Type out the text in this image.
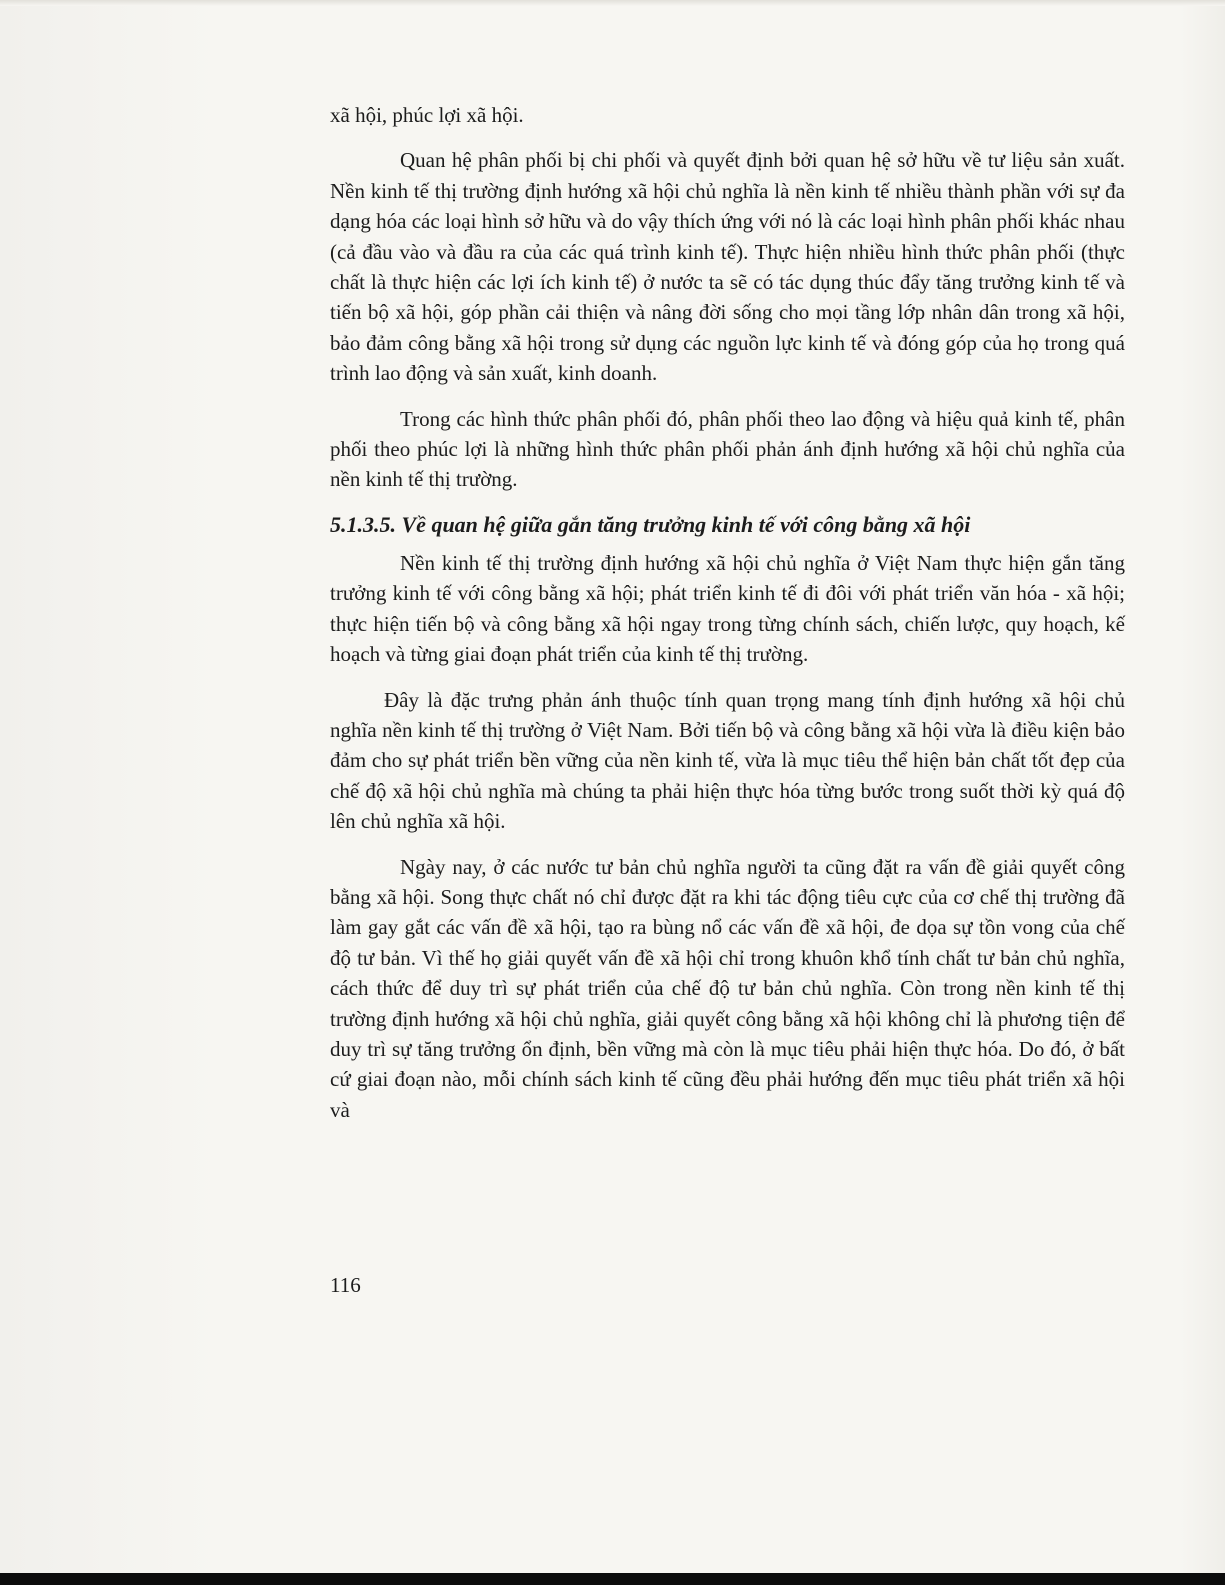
xã hội, phúc lợi xã hội.

Quan hệ phân phối bị chi phối và quyết định bởi quan hệ sở hữu về tư liệu sản xuất. Nền kinh tế thị trường định hướng xã hội chủ nghĩa là nền kinh tế nhiều thành phần với sự đa dạng hóa các loại hình sở hữu và do vậy thích ứng với nó là các loại hình phân phối khác nhau (cả đầu vào và đầu ra của các quá trình kinh tế). Thực hiện nhiều hình thức phân phối (thực chất là thực hiện các lợi ích kinh tế) ở nước ta sẽ có tác dụng thúc đẩy tăng trưởng kinh tế và tiến bộ xã hội, góp phần cải thiện và nâng đời sống cho mọi tầng lớp nhân dân trong xã hội, bảo đảm công bằng xã hội trong sử dụng các nguồn lực kinh tế và đóng góp của họ trong quá trình lao động và sản xuất, kinh doanh.

Trong các hình thức phân phối đó, phân phối theo lao động và hiệu quả kinh tế, phân phối theo phúc lợi là những hình thức phân phối phản ánh định hướng xã hội chủ nghĩa của nền kinh tế thị trường.

5.1.3.5. Về quan hệ giữa gắn tăng trưởng kinh tế với công bằng xã hội

Nền kinh tế thị trường định hướng xã hội chủ nghĩa ở Việt Nam thực hiện gắn tăng trưởng kinh tế với công bằng xã hội; phát triển kinh tế đi đôi với phát triển văn hóa - xã hội; thực hiện tiến bộ và công bằng xã hội ngay trong từng chính sách, chiến lược, quy hoạch, kế hoạch và từng giai đoạn phát triển của kinh tế thị trường.

Đây là đặc trưng phản ánh thuộc tính quan trọng mang tính định hướng xã hội chủ nghĩa nền kinh tế thị trường ở Việt Nam. Bởi tiến bộ và công bằng xã hội vừa là điều kiện bảo đảm cho sự phát triển bền vững của nền kinh tế, vừa là mục tiêu thể hiện bản chất tốt đẹp của chế độ xã hội chủ nghĩa mà chúng ta phải hiện thực hóa từng bước trong suốt thời kỳ quá độ lên chủ nghĩa xã hội.

Ngày nay, ở các nước tư bản chủ nghĩa người ta cũng đặt ra vấn đề giải quyết công bằng xã hội. Song thực chất nó chỉ được đặt ra khi tác động tiêu cực của cơ chế thị trường đã làm gay gắt các vấn đề xã hội, tạo ra bùng nổ các vấn đề xã hội, đe dọa sự tồn vong của chế độ tư bản. Vì thế họ giải quyết vấn đề xã hội chỉ trong khuôn khổ tính chất tư bản chủ nghĩa, cách thức để duy trì sự phát triển của chế độ tư bản chủ nghĩa. Còn trong nền kinh tế thị trường định hướng xã hội chủ nghĩa, giải quyết công bằng xã hội không chỉ là phương tiện để duy trì sự tăng trưởng ổn định, bền vững mà còn là mục tiêu phải hiện thực hóa. Do đó, ở bất cứ giai đoạn nào, mỗi chính sách kinh tế cũng đều phải hướng đến mục tiêu phát triển xã hội và

116
